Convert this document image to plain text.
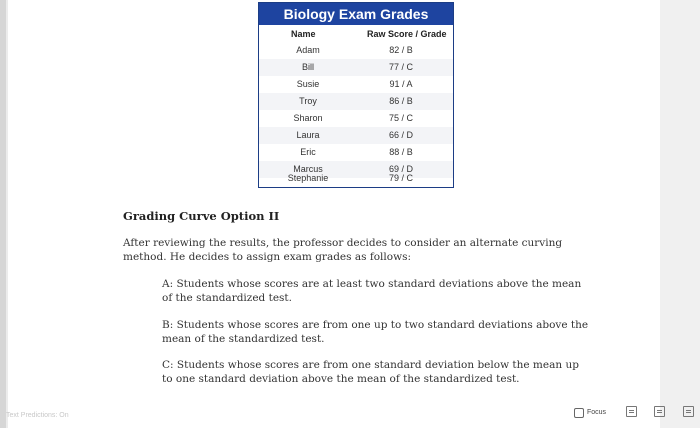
Biology Exam Grades
Name	Raw Score / Grade
Adam	82 / B
Bill	77 / C
Susie	91 / A
Troy	86 / B
Sharon	75 / C
Laura	66 / D
Eric	88 / B
Marcus	69 / D
Stephanie	79 / C
Grading Curve Option II

After reviewing the results, the professor decides to consider an alternate curving method. He decides to assign exam grades as follows:

A: Students whose scores are at least two standard deviations above the mean of the standardized test.

B: Students whose scores are from one up to two standard deviations above the mean of the standardized test.

C: Students whose scores are from one standard deviation below the mean up to one standard deviation above the mean of the standardized test.

Text Predictions: On	Focus
